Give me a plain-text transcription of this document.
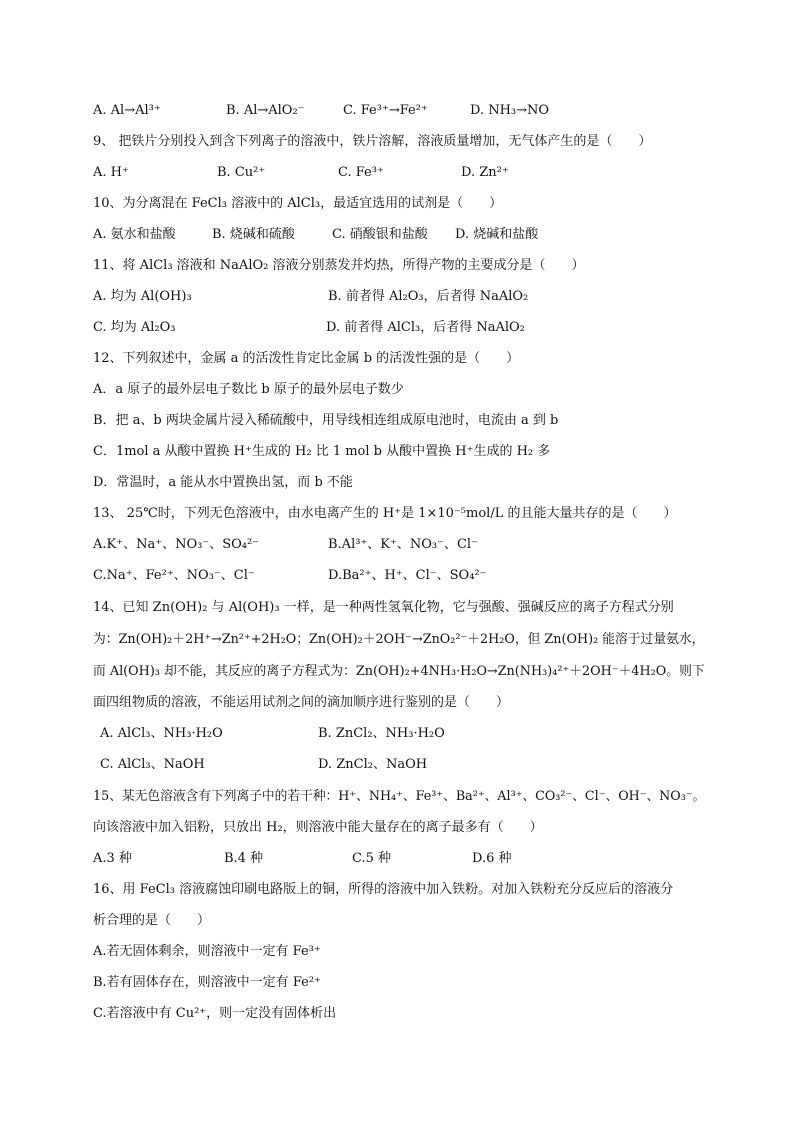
A. Al→Al³⁺	B. Al→AlO₂⁻	C. Fe³⁺→Fe²⁺	D. NH₃→NO
9、 把铁片分别投入到含下列离子的溶液中，铁片溶解，溶液质量增加，无气体产生的是（　　）
A. H⁺	B. Cu²⁺	C. Fe³⁺	D. Zn²⁺
10、为分离混在 FeCl₃ 溶液中的 AlCl₃，最适宜选用的试剂是（　　）
A. 氨水和盐酸	B. 烧碱和硫酸	C. 硝酸银和盐酸 D. 烧碱和盐酸
11、将 AlCl₃ 溶液和 NaAlO₂ 溶液分别蒸发并灼热，所得产物的主要成分是（　　）
A. 均为 Al(OH)₃	B. 前者得 Al₂O₃，后者得 NaAlO₂
C. 均为 Al₂O₃	D. 前者得 AlCl₃，后者得 NaAlO₂
12、下列叙述中，金属 a 的活泼性肯定比金属 b 的活泼性强的是（　　）
A．a 原子的最外层电子数比 b 原子的最外层电子数少
B．把 a、b 两块金属片浸入稀硫酸中，用导线相连组成原电池时，电流由 a 到 b
C．1mol a 从酸中置换 H⁺生成的 H₂ 比 1 mol b 从酸中置换 H⁺生成的 H₂ 多
D．常温时，a 能从水中置换出氢，而 b 不能
13、 25℃时，下列无色溶液中，由水电离产生的 H⁺是 1×10⁻⁵mol/L 的且能大量共存的是（　　）
A.K⁺、Na⁺、NO₃⁻、SO₄²⁻	B.Al³⁺、K⁺、NO₃⁻、Cl⁻
C.Na⁺、Fe²⁺、NO₃⁻、Cl⁻	D.Ba²⁺、H⁺、Cl⁻、SO₄²⁻
14、已知 Zn(OH)₂ 与 Al(OH)₃ 一样，是一种两性氢氧化物，它与强酸、强碱反应的离子方程式分别
为：Zn(OH)₂＋2H⁺→Zn²⁺+2H₂O；Zn(OH)₂＋2OH⁻→ZnO₂²⁻＋2H₂O，但 Zn(OH)₂ 能溶于过量氨水，
而 Al(OH)₃ 却不能，其反应的离子方程式为：Zn(OH)₂+4NH₃·H₂O→Zn(NH₃)₄²⁺＋2OH⁻＋4H₂O。则下
面四组物质的溶液，不能运用试剂之间的滴加顺序进行鉴别的是（　　）
A. AlCl₃、NH₃·H₂O	B. ZnCl₂、NH₃·H₂O
C. AlCl₃、NaOH	D. ZnCl₂、NaOH
15、某无色溶液含有下列离子中的若干种：H⁺、NH₄⁺、Fe³⁺、Ba²⁺、Al³⁺、CO₃²⁻、Cl⁻、OH⁻、NO₃⁻。
向该溶液中加入铝粉，只放出 H₂，则溶液中能大量存在的离子最多有（　　）
A.3 种	B.4 种	C.5 种	D.6 种
16、用 FeCl₃ 溶液腐蚀印刷电路版上的铜，所得的溶液中加入铁粉。对加入铁粉充分反应后的溶液分
析合理的是（　　）
A.若无固体剩余，则溶液中一定有 Fe³⁺
B.若有固体存在，则溶液中一定有 Fe²⁺
C.若溶液中有 Cu²⁺，则一定没有固体析出
